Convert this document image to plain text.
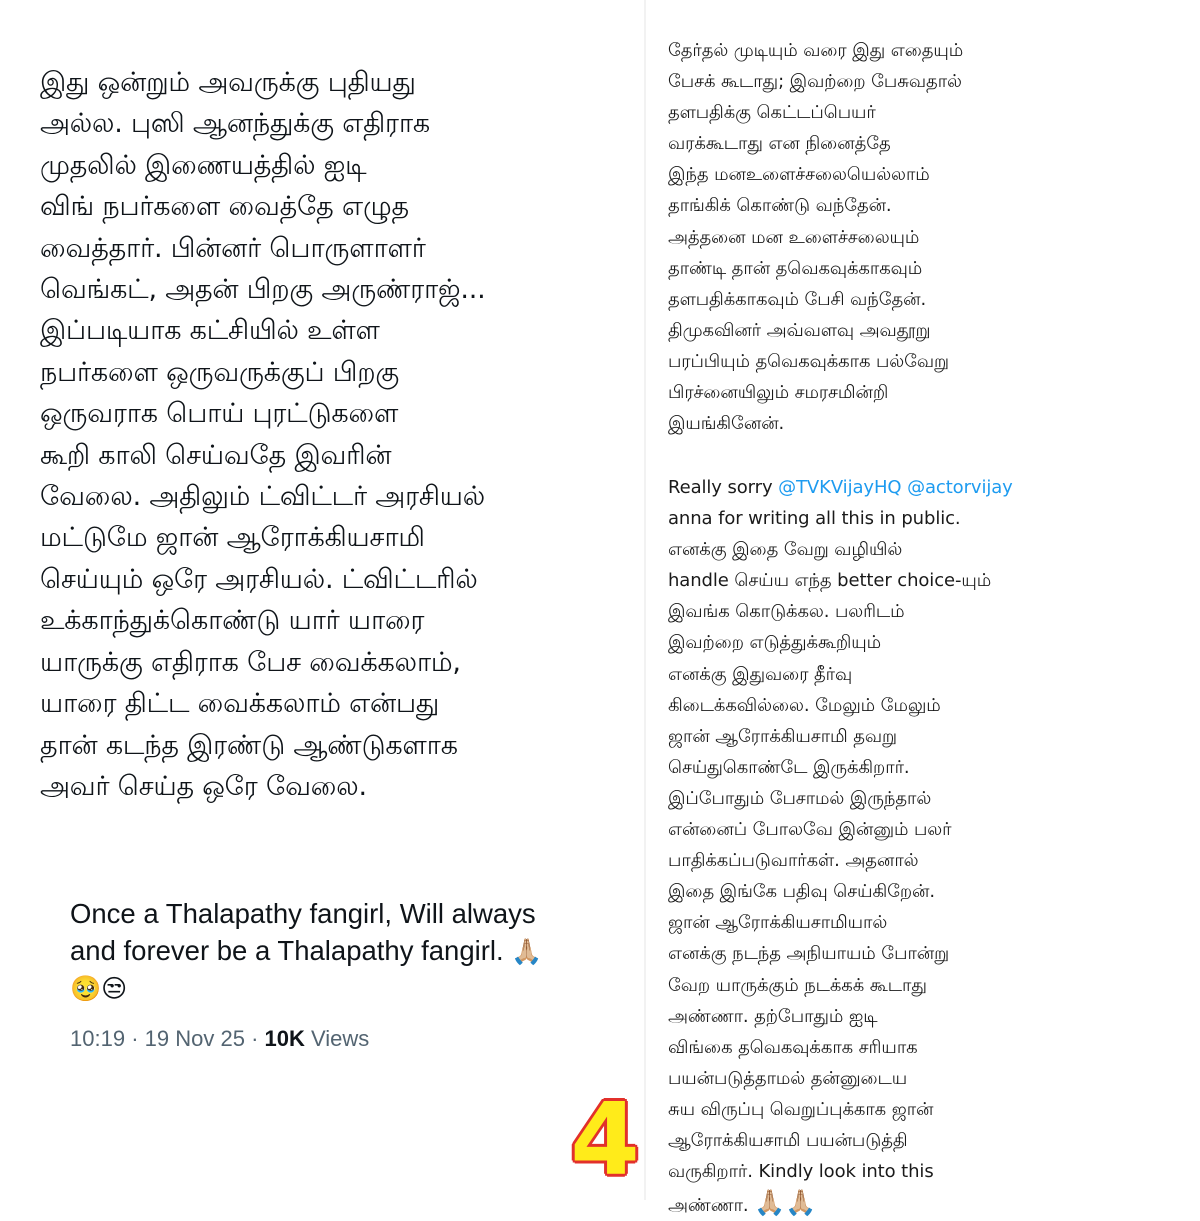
இது ஒன்றும் அவருக்கு புதியது
அல்ல. புஸி ஆனந்துக்கு எதிராக
முதலில் இணையத்தில் ஐடி
விங் நபர்களை வைத்தே எழுத
வைத்தார். பின்னர் பொருளாளர்
வெங்கட், அதன் பிறகு அருண்ராஜ்...
இப்படியாக கட்சியில் உள்ள
நபர்களை ஒருவருக்குப் பிறகு
ஒருவராக பொய் புரட்டுகளை
கூறி காலி செய்வதே இவரின்
வேலை. அதிலும் ட்விட்டர் அரசியல்
மட்டுமே ஜான் ஆரோக்கியசாமி
செய்யும் ஒரே அரசியல். ட்விட்டரில்
உக்காந்துக்கொண்டு யார் யாரை
யாருக்கு எதிராக பேச வைக்கலாம்,
யாரை திட்ட வைக்கலாம் என்பது
தான் கடந்த இரண்டு ஆண்டுகளாக
அவர் செய்த ஒரே வேலை.
Once a Thalapathy fangirl, Will always
and forever be a Thalapathy fangirl. 🙏🏼
🥹😒
10:19 · 19 Nov 25 · 10K Views
தேர்தல் முடியும் வரை இது எதையும்
பேசக் கூடாது; இவற்றை பேசுவதால்
தளபதிக்கு கெட்டப்பெயர்
வரக்கூடாது என நினைத்தே
இந்த மனஉளைச்சலையெல்லாம்
தாங்கிக் கொண்டு வந்தேன்.
அத்தனை மன உளைச்சலையும்
தாண்டி தான் தவெகவுக்காகவும்
தளபதிக்காகவும் பேசி வந்தேன்.
திமுகவினர் அவ்வளவு அவதூறு
பரப்பியும் தவெகவுக்காக பல்வேறு
பிரச்னையிலும் சமரசமின்றி
இயங்கினேன்.
Really sorry @TVKVijayHQ @actorvijay
anna for writing all this in public.
எனக்கு இதை வேறு வழியில்
handle செய்ய எந்த better choice-யும்
இவங்க கொடுக்கல. பலரிடம்
இவற்றை எடுத்துக்கூறியும்
எனக்கு இதுவரை தீர்வு
கிடைக்கவில்லை. மேலும் மேலும்
ஜான் ஆரோக்கியசாமி தவறு
செய்துகொண்டே இருக்கிறார்.
இப்போதும் பேசாமல் இருந்தால்
என்னைப் போலவே இன்னும் பலர்
பாதிக்கப்படுவார்கள். அதனால்
இதை இங்கே பதிவு செய்கிறேன்.
ஜான் ஆரோக்கியசாமியால்
எனக்கு நடந்த அநியாயம் போன்று
வேற யாருக்கும் நடக்கக் கூடாது
அண்ணா. தற்போதும் ஐடி
விங்கை தவெகவுக்காக சரியாக
பயன்படுத்தாமல் தன்னுடைய
சுய விருப்பு வெறுப்புக்காக ஜான்
ஆரோக்கியசாமி பயன்படுத்தி
வருகிறார். Kindly look into this
அண்ணா. 🙏🏼🙏🏼
4
